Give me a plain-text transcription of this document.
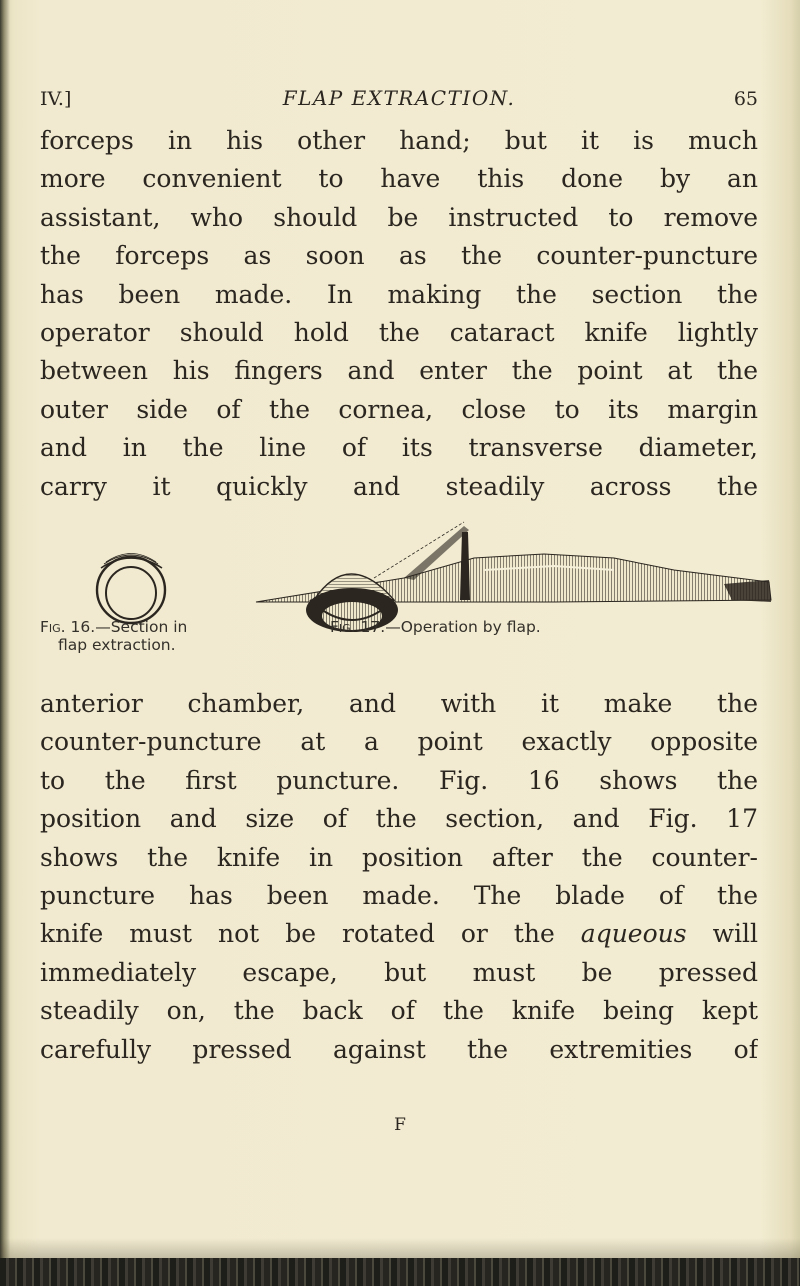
IV.]	FLAP EXTRACTION.	65
forceps in his other hand; but it is much
more convenient to have this done by an
assistant, who should be instructed to remove
the forceps as soon as the counter-puncture
has been made. In making the section the
operator should hold the cataract knife lightly
between his fingers and enter the point at the
outer side of the cornea, close to its margin
and in the line of its transverse diameter,
carry it quickly and steadily across the
Fig. 16.—Section in
flap extraction.
Fig. 17.—Operation by flap.
anterior chamber, and with it make the
counter-puncture at a point exactly opposite
to the first puncture. Fig. 16 shows the
position and size of the section, and Fig. 17
shows the knife in position after the counter-
puncture has been made. The blade of the
knife must not be rotated or the aqueous will
immediately escape, but must be pressed
steadily on, the back of the knife being kept
carefully pressed against the extremities of
F
